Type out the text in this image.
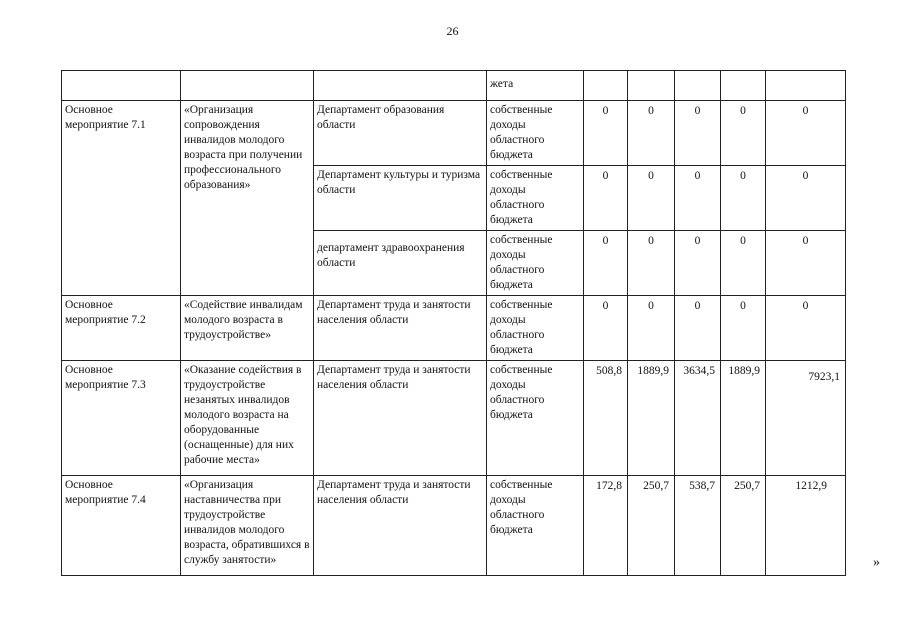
26
			жета					
Основное мероприятие 7.1	«Организация сопровождения инвалидов молодого возраста при получении профессионального образования»	Департамент образования области	собственные доходы областного бюджета	0	0	0	0	0
		Департамент культуры и туризма области	собственные доходы областного бюджета	0	0	0	0	0
		департамент здравоохранения области	собственные доходы областного бюджета	0	0	0	0	0
Основное мероприятие 7.2	«Содействие инвалидам молодого возраста в трудоустройстве»	Департамент труда и занятости населения области	собственные доходы областного бюджета	0	0	0	0	0
Основное мероприятие 7.3	«Оказание содействия в трудоустройстве незанятых инвалидов молодого возраста на оборудованные (оснащенные) для них рабочие места»	Департамент труда и занятости населения области	собственные доходы областного бюджета	508,8	1889,9	3634,5	1889,9	7923,1
Основное мероприятие 7.4	«Организация наставничества при трудоустройстве инвалидов молодого возраста, обратившихся в службу занятости»	Департамент труда и занятости населения области	собственные доходы областного бюджета	172,8	250,7	538,7	250,7	1212,9
»
